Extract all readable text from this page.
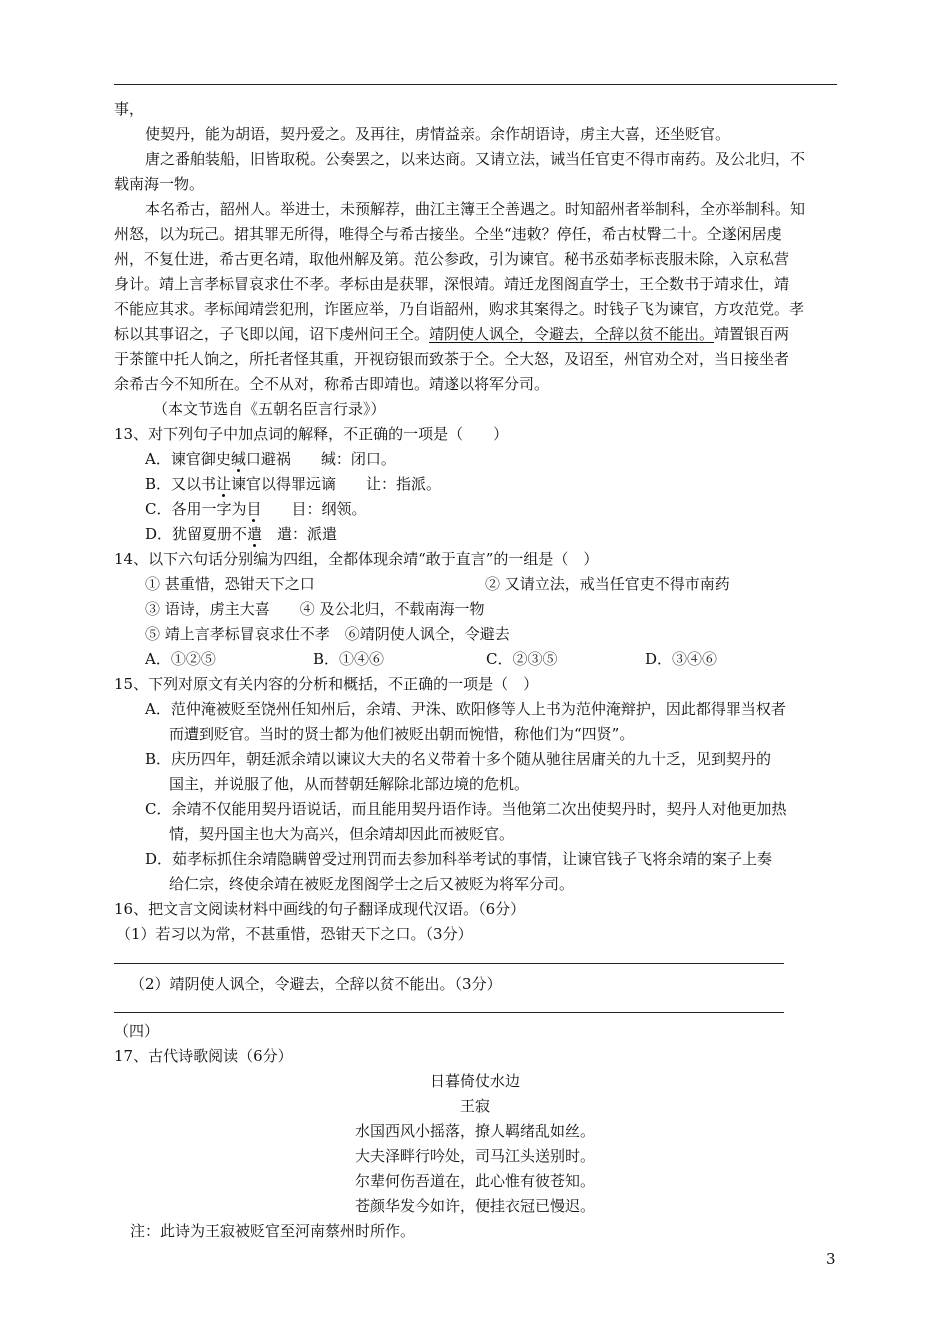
事，
使契丹，能为胡语，契丹爱之。及再往，虏情益亲。余作胡语诗，虏主大喜，还坐贬官。
唐之番舶装船，旧皆取税。公奏罢之，以来达商。又请立法，诫当任官吏不得市南药。及公北归，不
载南海一物。
本名希古，韶州人。举进士，未预解荐，曲江主簿王仝善遇之。时知韶州者举制科，全亦举制科。知
州怒，以为玩己。捃其罪无所得，唯得仝与希古接坐。仝坐“违敕？停任，希古杖臀二十。仝遂闲居虔
州，不复仕进，希古更名靖，取他州解及第。范公参政，引为谏官。秘书丞茹孝标丧服未除，入京私营
身计。靖上言孝标冒哀求仕不孝。孝标由是获罪，深恨靖。靖迁龙图阁直学士，王仝数书于靖求仕，靖
不能应其求。孝标闻靖尝犯刑，诈匿应举，乃自诣韶州，购求其案得之。时钱子飞为谏官，方攻范党。孝
标以其事诏之，子飞即以闻，诏下虔州问王仝。靖阴使人讽仝，令避去，仝辞以贫不能出。靖置银百两
于茶篚中托人饷之，所托者怪其重，开视窃银而致茶于仝。仝大怒，及诏至，州官劝仝对，当日接坐者
余希古今不知所在。仝不从对，称希古即靖也。靖遂以将军分司。
（本文节选自《五朝名臣言行录》）
13、对下列句子中加点词的解释，不正确的一项是（　　）
A．谏官御史缄口避祸　　缄：闭口。
B．又以书让谏官以得罪远谪　　让：指派。
C．各用一字为目　　目：纲领。
D．犹留夏册不遣　遣：派遣
14、以下六句话分别编为四组，全都体现余靖“敢于直言”的一组是（　）
① 甚重惜，恐钳天下之口	② 又请立法，戒当任官吏不得市南药
③ 语诗，虏主大喜　　④ 及公北归，不载南海一物
⑤ 靖上言孝标冒哀求仕不孝　⑥靖阴使人讽仝，令避去
A．①②⑤	B．①④⑥	C．②③⑤	D．③④⑥
15、下列对原文有关内容的分析和概括，不正确的一项是（　）
A．范仲淹被贬至饶州任知州后，余靖、尹洙、欧阳修等人上书为范仲淹辩护，因此都得罪当权者
而遭到贬官。当时的贤士都为他们被贬出朝而惋惜，称他们为“四贤”。
B．庆历四年，朝廷派余靖以谏议大夫的名义带着十多个随从驰往居庸关的九十乏，见到契丹的
国主，并说服了他，从而替朝廷解除北部边境的危机。
C．余靖不仅能用契丹语说话，而且能用契丹语作诗。当他第二次出使契丹时，契丹人对他更加热
情，契丹国主也大为高兴，但余靖却因此而被贬官。
D．茹孝标抓住余靖隐瞒曾受过刑罚而去参加科举考试的事情，让谏官钱子飞将余靖的案子上奏
给仁宗，终使余靖在被贬龙图阁学士之后又被贬为将军分司。
16、把文言文阅读材料中画线的句子翻译成现代汉语。（6分）
（1）若习以为常，不甚重惜，恐钳天下之口。（3分）
（2）靖阴使人讽仝，令避去，仝辞以贫不能出。（3分）
（四）
17、古代诗歌阅读（6分）
日暮倚仗水边
王寂
水国西风小摇落，撩人羁绪乱如丝。
大夫泽畔行吟处，司马江头送别时。
尔辈何伤吾道在，此心惟有彼苍知。
苍颜华发今如许，便挂衣冠已慢迟。
注：此诗为王寂被贬官至河南蔡州时所作。
3
